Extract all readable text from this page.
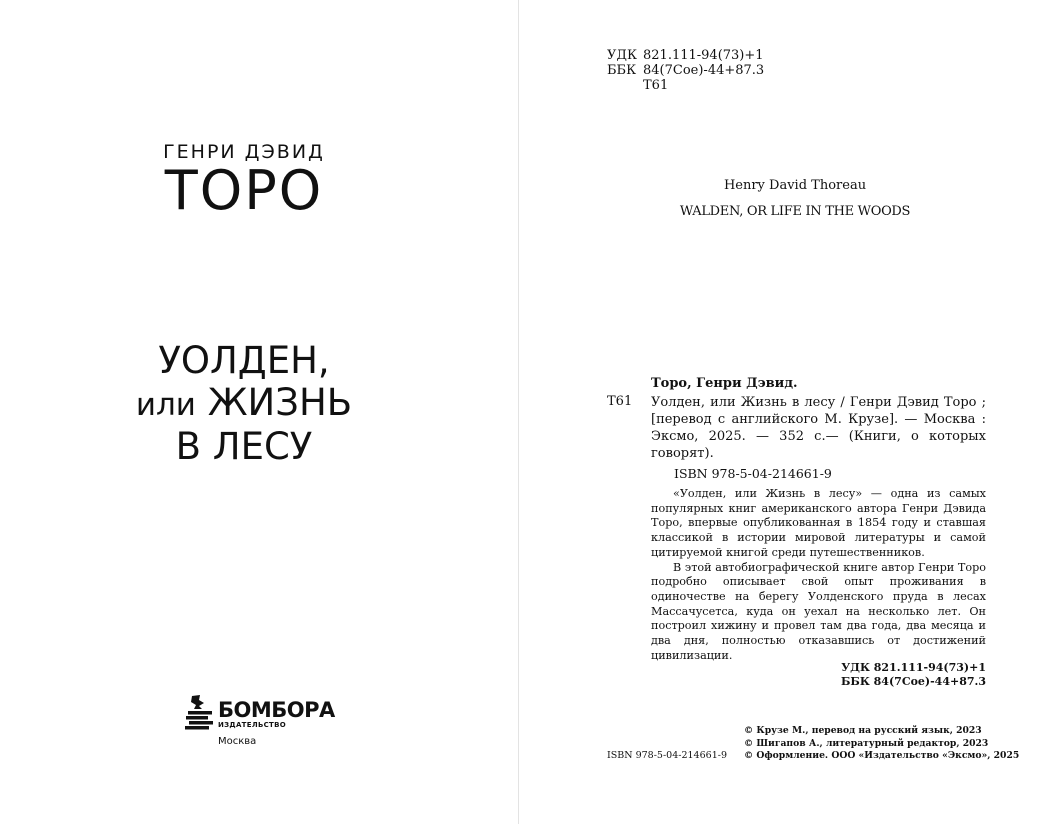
ГЕНРИ ДЭВИД
ТОРО
УОЛДЕН,
или ЖИЗНЬ
В ЛЕСУ
БОМБОРА
ИЗДАТЕЛЬСТВО
Москва
УДК 821.111-94(73)+1
ББК 84(7Сое)-44+87.3
Т61
Henry David Thoreau
WALDEN, OR LIFE IN THE WOODS
Торо, Генри Дэвид.
Т61 Уолден, или Жизнь в лесу / Генри Дэвид Торо ; [перевод с английского М. Крузе]. — Москва : Эксмо, 2025. — 352 с.— (Книги, о которых говорят).
ISBN 978-5-04-214661-9

«Уолден, или Жизнь в лесу» — одна из самых популярных книг американского автора Генри Дэвида Торо, впервые опубликованная в 1854 году и ставшая классикой в истории мировой литературы и самой цитируемой книгой среди путешественников.

В этой автобиографической книге автор Генри Торо подробно описывает свой опыт проживания в одиночестве на берегу Уолденского пруда в лесах Массачусетса, куда он уехал на несколько лет. Он построил хижину и провел там два года, два месяца и два дня, полностью отказавшись от достижений цивилизации.

УДК 821.111-94(73)+1
ББК 84(7Сое)-44+87.3
© Крузе М., перевод на русский язык, 2023
© Шигапов А., литературный редактор, 2023
© Оформление. ООО «Издательство «Эксмо», 2025
ISBN 978-5-04-214661-9
